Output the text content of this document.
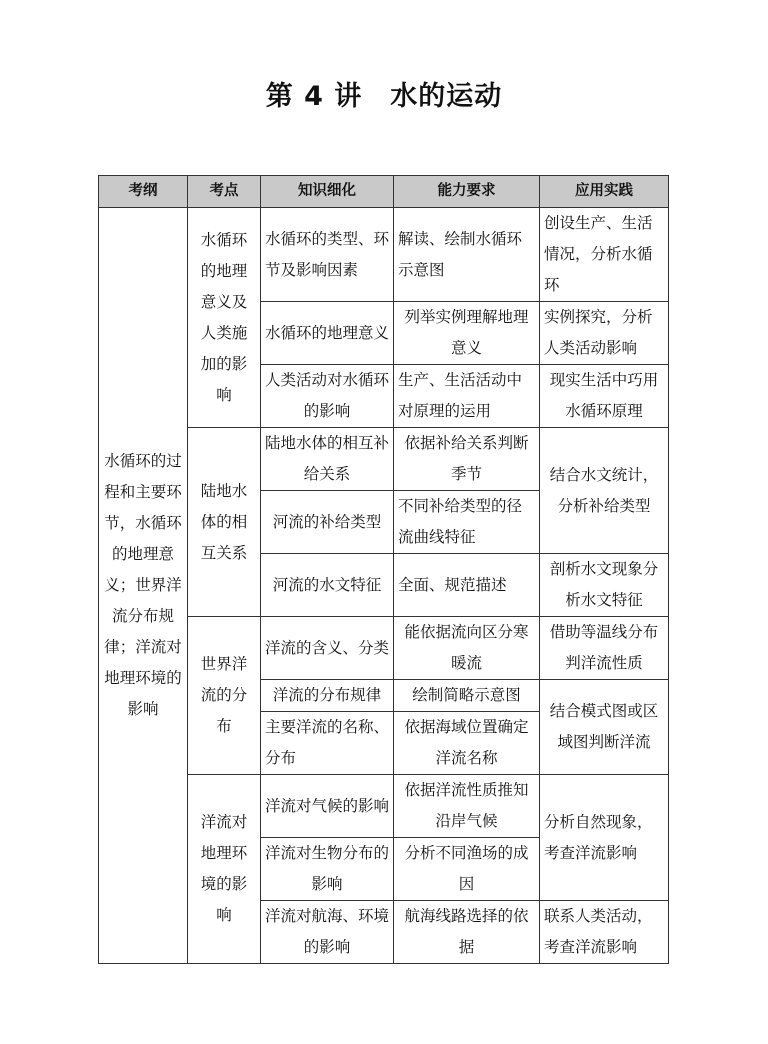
第 4 讲　水的运动
考纲	考点	知识细化	能力要求	应用实践
水循环的过程和主要环节，水循环的地理意义；世界洋流分布规律；洋流对地理环境的影响	水循环的地理意义及人类施加的影响	水循环的类型、环节及影响因素	解读、绘制水循环示意图	创设生产、生活情况，分析水循环
		水循环的地理意义	列举实例理解地理意义	实例探究，分析人类活动影响
		人类活动对水循环的影响	生产、生活活动中对原理的运用	现实生活中巧用水循环原理
	陆地水体的相互关系	陆地水体的相互补给关系	依据补给关系判断季节	结合水文统计，分析补给类型
		河流的补给类型	不同补给类型的径流曲线特征	
		河流的水文特征	全面、规范描述	剖析水文现象分析水文特征
	世界洋流的分布	洋流的含义、分类	能依据流向区分寒暖流	借助等温线分布判洋流性质
		洋流的分布规律	绘制简略示意图	结合模式图或区域图判断洋流
		主要洋流的名称、分布	依据海域位置确定洋流名称	
	洋流对地理环境的影响	洋流对气候的影响	依据洋流性质推知沿岸气候	分析自然现象，考查洋流影响
		洋流对生物分布的影响	分析不同渔场的成因	
		洋流对航海、环境的影响	航海线路选择的依据	联系人类活动，考查洋流影响
